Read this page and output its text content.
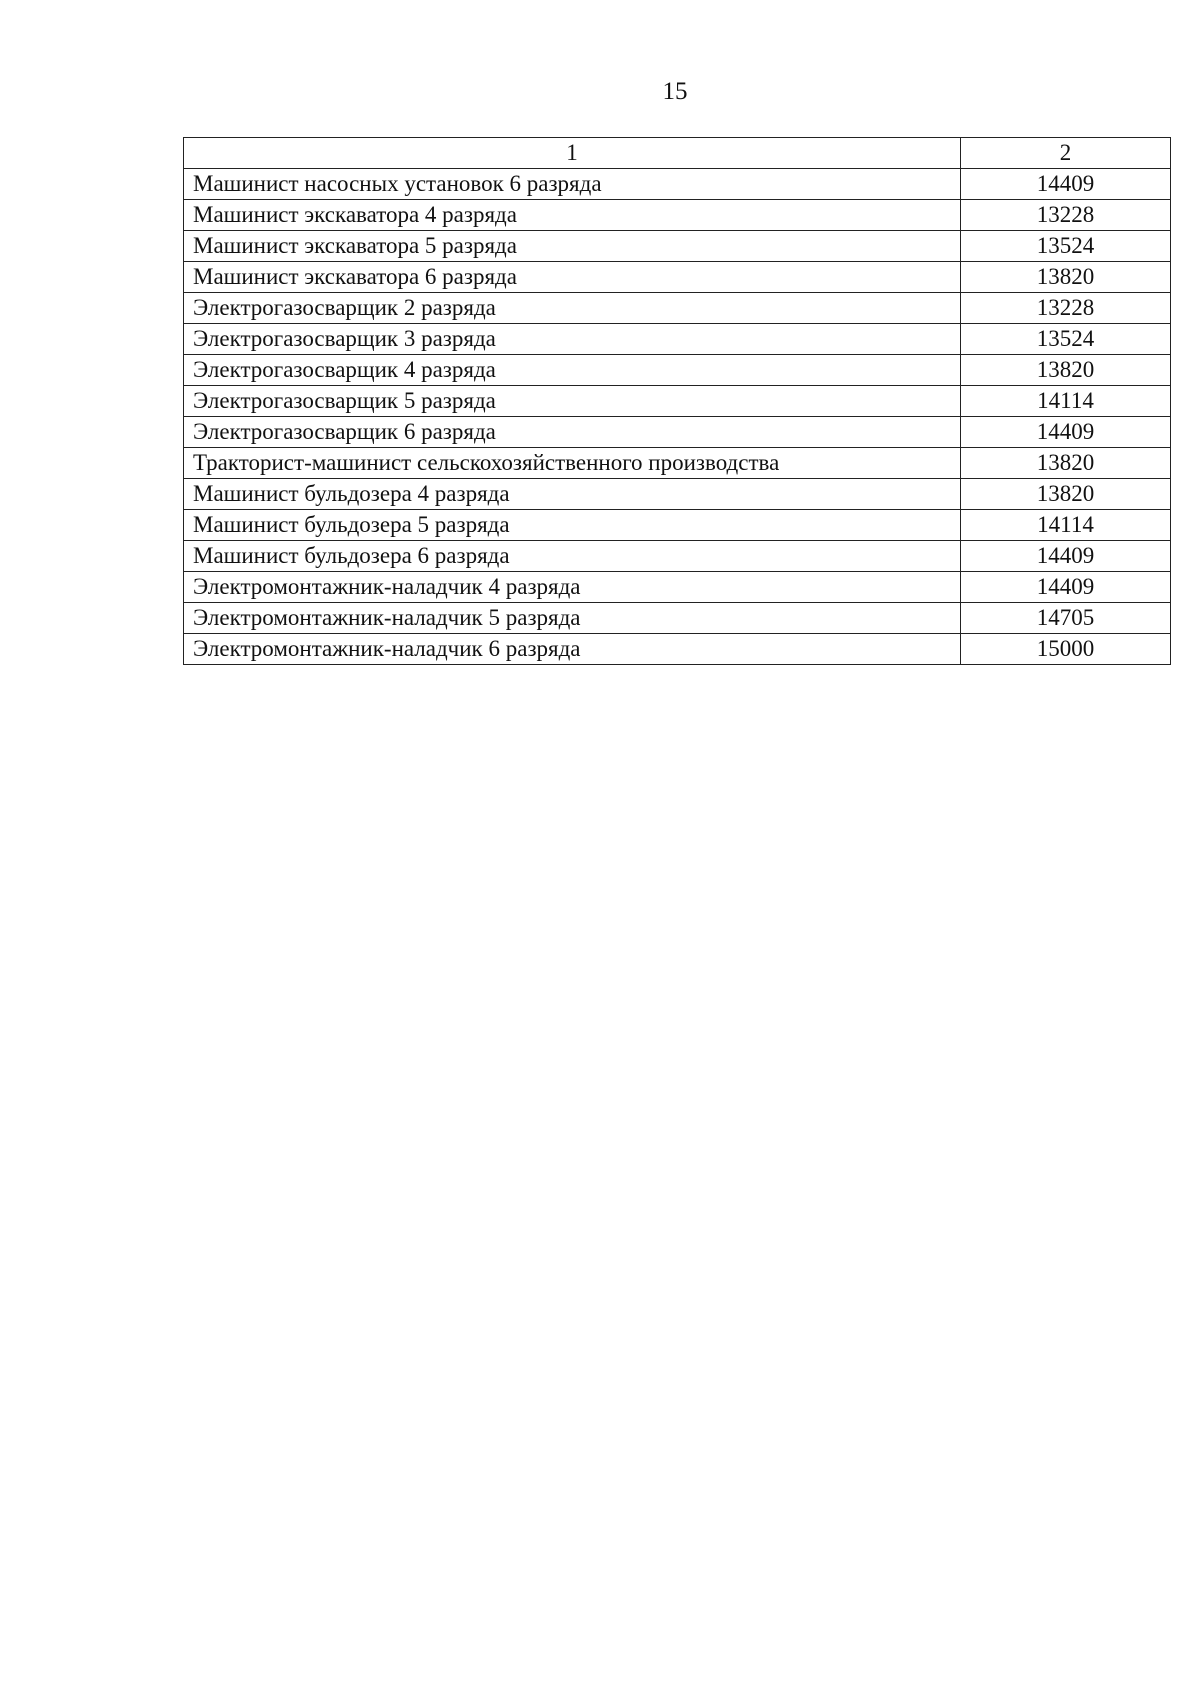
15
1	2
Машинист насосных установок 6 разряда	14409
Машинист экскаватора 4 разряда	13228
Машинист экскаватора 5 разряда	13524
Машинист экскаватора 6 разряда	13820
Электрогазосварщик 2 разряда	13228
Электрогазосварщик 3 разряда	13524
Электрогазосварщик 4 разряда	13820
Электрогазосварщик 5 разряда	14114
Электрогазосварщик 6 разряда	14409
Тракторист-машинист сельскохозяйственного производства	13820
Машинист бульдозера 4 разряда	13820
Машинист бульдозера 5 разряда	14114
Машинист бульдозера 6 разряда	14409
Электромонтажник-наладчик 4 разряда	14409
Электромонтажник-наладчик 5 разряда	14705
Электромонтажник-наладчик 6 разряда	15000
